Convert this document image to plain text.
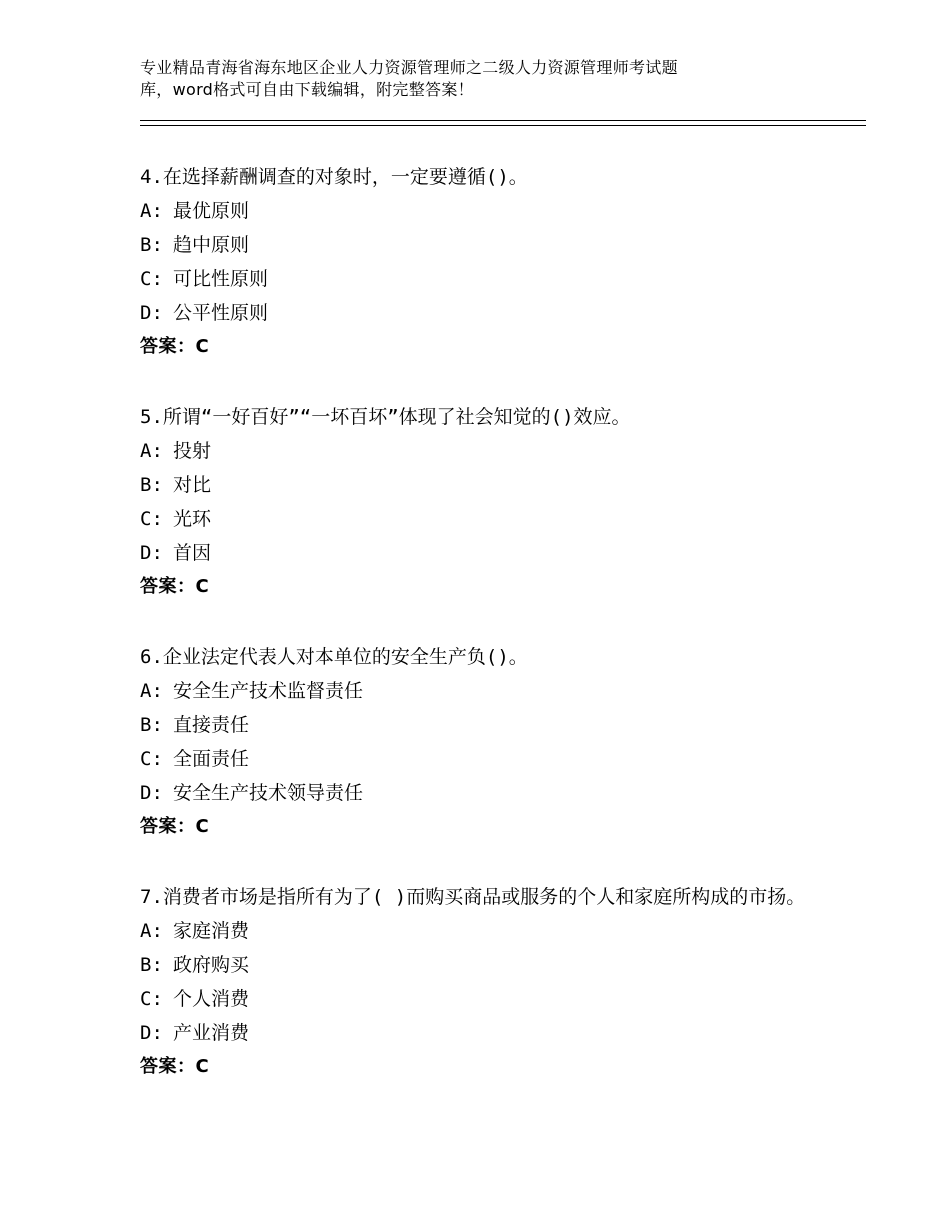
专业精品青海省海东地区企业人力资源管理师之二级人力资源管理师考试题
库，word格式可自由下载编辑，附完整答案！

4.在选择薪酬调查的对象时，一定要遵循()。

A: 最优原则

B: 趋中原则

C: 可比性原则

D: 公平性原则

答案：C

5.所谓“一好百好”“一坏百坏”体现了社会知觉的()效应。

A: 投射

B: 对比

C: 光环

D: 首因

答案：C

6.企业法定代表人对本单位的安全生产负()。

A: 安全生产技术监督责任

B: 直接责任

C: 全面责任

D: 安全生产技术领导责任

答案：C

7.消费者市场是指所有为了( )而购买商品或服务的个人和家庭所构成的市扬。

A: 家庭消费

B: 政府购买

C: 个人消费

D: 产业消费

答案：C
